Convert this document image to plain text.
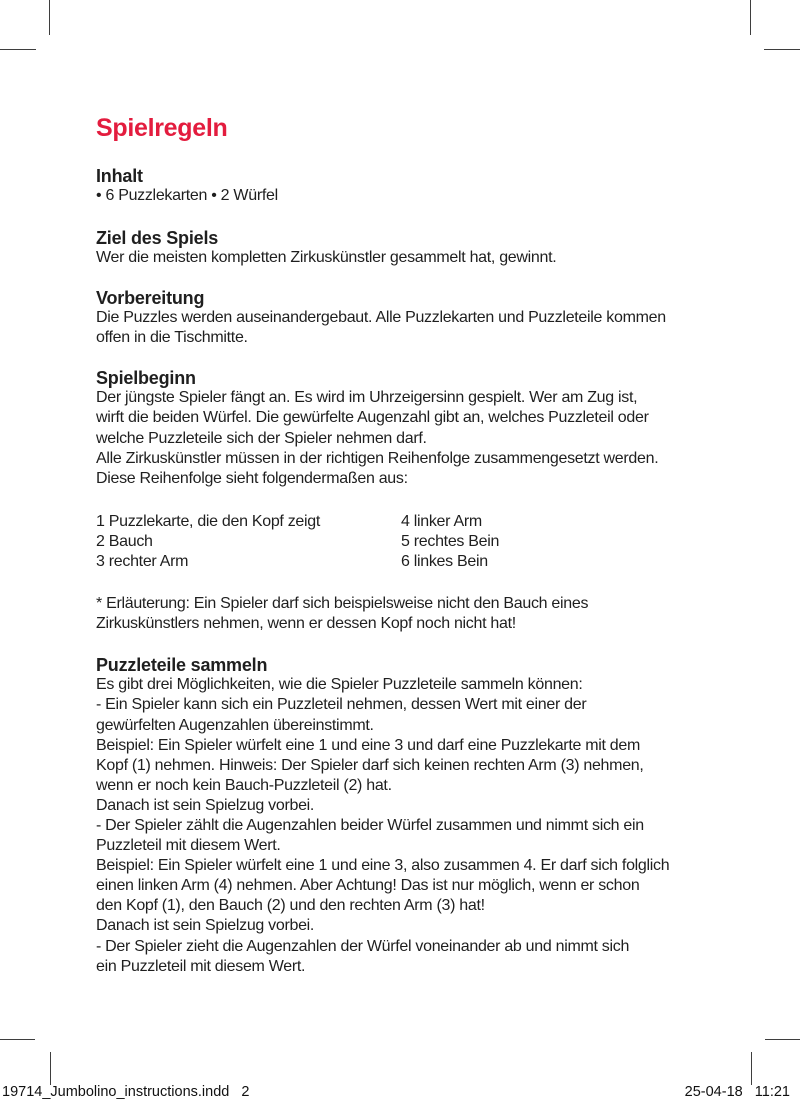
Spielregeln
Inhalt
• 6 Puzzlekarten • 2 Würfel
Ziel des Spiels
Wer die meisten kompletten Zirkuskünstler gesammelt hat, gewinnt.
Vorbereitung
Die Puzzles werden auseinandergebaut. Alle Puzzlekarten und Puzzleteile kommen
offen in die Tischmitte.
Spielbeginn
Der jüngste Spieler fängt an. Es wird im Uhrzeigersinn gespielt. Wer am Zug ist,
wirft die beiden Würfel. Die gewürfelte Augenzahl gibt an, welches Puzzleteil oder
welche Puzzleteile sich der Spieler nehmen darf.
Alle Zirkuskünstler müssen in der richtigen Reihenfolge zusammengesetzt werden.
Diese Reihenfolge sieht folgendermaßen aus:
1 Puzzlekarte, die den Kopf zeigt
2 Bauch
3 rechter Arm
4 linker Arm
5 rechtes Bein
6 linkes Bein
* Erläuterung: Ein Spieler darf sich beispielsweise nicht den Bauch eines
Zirkuskünstlers nehmen, wenn er dessen Kopf noch nicht hat!
Puzzleteile sammeln
Es gibt drei Möglichkeiten, wie die Spieler Puzzleteile sammeln können:
- Ein Spieler kann sich ein Puzzleteil nehmen, dessen Wert mit einer der
gewürfelten Augenzahlen übereinstimmt.
Beispiel: Ein Spieler würfelt eine 1 und eine 3 und darf eine Puzzlekarte mit dem
Kopf (1) nehmen. Hinweis: Der Spieler darf sich keinen rechten Arm (3) nehmen,
wenn er noch kein Bauch-Puzzleteil (2) hat.
Danach ist sein Spielzug vorbei.
- Der Spieler zählt die Augenzahlen beider Würfel zusammen und nimmt sich ein
Puzzleteil mit diesem Wert.
Beispiel: Ein Spieler würfelt eine 1 und eine 3, also zusammen 4. Er darf sich folglich
einen linken Arm (4) nehmen. Aber Achtung! Das ist nur möglich, wenn er schon
den Kopf (1), den Bauch (2) und den rechten Arm (3) hat!
Danach ist sein Spielzug vorbei.
- Der Spieler zieht die Augenzahlen der Würfel voneinander ab und nimmt sich
ein Puzzleteil mit diesem Wert.
19714_Jumbolino_instructions.indd   2	25-04-18   11:21
